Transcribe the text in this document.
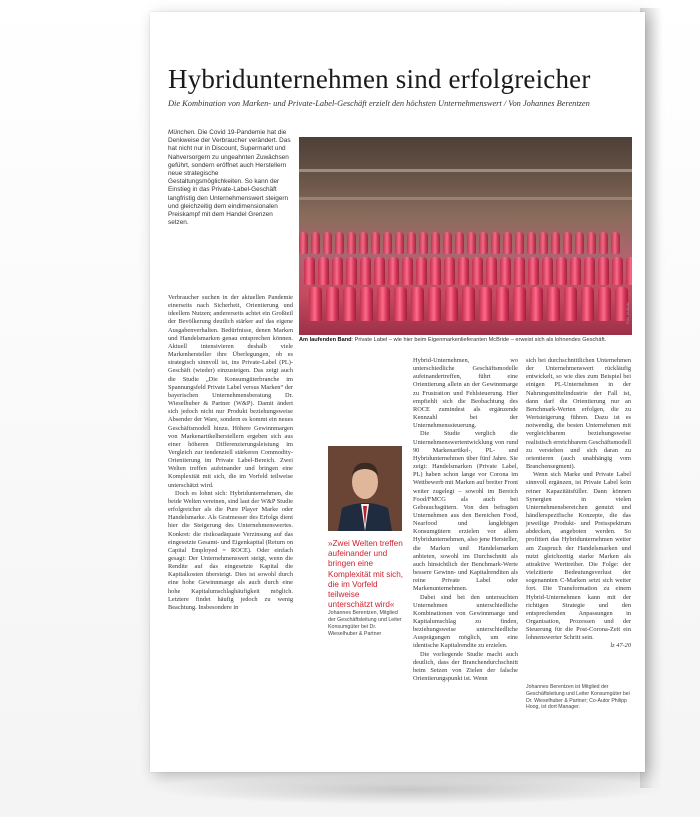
Hybridunternehmen sind erfolgreicher
Die Kombination von Marken- und Private-Label-Geschäft erzielt den höchsten Unternehmenswert / Von Johannes Berentzen
München. Die Covid 19-Pandemie hat die Denkweise der Verbraucher verändert. Das hat nicht nur in Discount, Supermarkt und Nahversorgern zu ungeahnten Zuwächsen geführt, sondern eröffnet auch Herstellern neue strategische Gestaltungsmöglichkeiten. So kann der Einstieg in das Private-Label-Geschäft langfristig den Unternehmenswert steigern und gleichzeitig dem eindimensionalen Preiskampf mit dem Handel Grenzen setzen.
Foto: McBride
Am laufenden Band: Private Label – wie hier beim Eigenmarkenlieferanten McBride – erweist sich als lohnendes Geschäft.

Verbraucher suchen in der aktuellen Pandemie einerseits nach Sicherheit, Orientierung und ideellem Nutzen; andererseits achtet ein Großteil der Bevölkerung deutlich stärker auf das eigene Ausgabenverhalten. Bedürfnisse, denen Marken und Handelsmarken genau entsprechen können. Aktuell intensivieren deshalb viele Markenhersteller ihre Überlegungen, ob es strategisch sinnvoll ist, ins Private-Label (PL)-Geschäft (wieder) einzusteigen. Das zeigt auch die Studie „Die Konsumgüterbranche im Spannungsfeld Private Label versus Marken“ der bayerischen Unternehmensberatung Dr. Wieselhuber & Partner (W&P). Damit ändert sich jedoch nicht nur Produkt beziehungsweise Absender der Ware, sondern es kommt ein neues Geschäftsmodell hinzu. Höhere Gewinnmargen von Markenartikelherstellern ergeben sich aus einer höheren Differenzierungsleistung im Vergleich zur tendenziell stärkeren Commodity-Orientierung im Private Label-Bereich. Zwei Welten treffen aufeinander und bringen eine Komplexität mit sich, die im Vorfeld teilweise unterschätzt wird.

Doch es lohnt sich: Hybridunternehmen, die beide Welten vereinen, sind laut der W&P Studie erfolgreicher als die Pure Player Marke oder Handelsmarke. Als Gratmesser des Erfolgs dient hier die Steigerung des Unternehmenswertes. Konkret: die risikoadäquate Verzinsung auf das eingesetzte Gesamt- und Eigenkapital (Return on Capital Employed = ROCE). Oder einfach gesagt: Der Unternehmenswert steigt, wenn die Rendite auf das eingesetzte Kapital die Kapitalkosten übersteigt. Dies ist sowohl durch eine hohe Gewinnmarge als auch durch eine hohe Kapitalumschlaghäufigkeit möglich. Letztere findet häufig jedoch zu wenig Beachtung. Insbesondere in

»Zwei Welten treffen aufeinander und bringen eine Komplexität mit sich, die im Vorfeld teilweise unterschätzt wird«
Johannes Berentzen, Mitglied der Geschäftsleitung und Leiter Konsumgüter bei Dr. Wieselhuber & Partner

Hybrid-Unternehmen, wo unterschiedliche Geschäftsmodelle aufeinandertreffen, führt eine Orientierung allein an der Gewinnmarge zu Frustration und Fehlsteuerung. Hier empfiehlt sich die Beobachtung des ROCE zumindest als ergänzende Kennzahl bei der Unternehmenssteuerung.

Die Studie verglich die Unternehmenswertentwicklung von rund 90 Markenartikel-, PL- und Hybridunternehmen über fünf Jahre. Sie zeigt: Handelsmarken (Private Label, PL) haben schon lange vor Corona im Wettbewerb mit Marken auf breiter Front weiter zugelegt – sowohl im Bereich Food/FMCG als auch bei Gebrauchsgütern. Von den befragten Unternehmen aus den Bereichen Food, Nearfood und langlebigen Konsumgütern erzielen vor allem Hybridunternehmen, also jene Hersteller, die Marken und Handelsmarken anbieten, sowohl im Durchschnitt als auch hinsichtlich der Benchmark-Werte bessere Gewinn- und Kapitalrenditen als reine Private Label oder Markenunternehmen.

Dabei sind bei den untersuchten Unternehmen unterschiedliche Kombinationen von Gewinnmarge und Kapitalumschlag zu finden, beziehungsweise unterschiedliche Ausprägungen möglich, um eine identische Kapitalrendite zu erzielen.

Die vorliegende Studie macht auch deutlich, dass der Branchendurchschnitt beim Setzen von Zielen der falsche Orientierungspunkt ist. Wenn

sich bei durchschnittlichen Unternehmen der Unternehmenswert rückläufig entwickelt, so wie dies zum Beispiel bei einigen PL-Unternehmen in der Nahrungsmittelindustrie der Fall ist, dann darf die Orientierung nur an Benchmark-Werten erfolgen, die zu Wertsteigerung führen. Dazu ist es notwendig, die besten Unternehmen mit vergleichbarem beziehungsweise realistisch erreichbarem Geschäftsmodell zu verstehen und sich daran zu orientieren (auch unabhängig vom Branchensegment).

Wenn sich Marke und Private Label sinnvoll ergänzen, ist Private Label kein reiner Kapazitätsfüller. Dann können Synergien in vielen Unternehmensbereichen genutzt und händlerspezifische Konzepte, die das jeweilige Produkt- und Preisspektrum abdecken, angeboten werden. So profitiert das Hybridunternehmen weiter am Zuspruch der Handelsmarken und nutzt gleichzeitig starke Marken als attraktive Werttreiber. Die Folge: der vielzitierte Bedeutungsverlust der sogenannten C-Marken setzt sich weiter fort. Die Transformation zu einem Hybrid-Unternehmen kann mit der richtigen Strategie und den entsprechenden Anpassungen in Organisation, Prozessen und der Steuerung für die Post-Corona-Zeit ein lohnenswerter Schritt sein.

lz 47-20
Johannes Berentzen ist Mitglied der Geschäftsleitung und Leiter Konsumgüter bei Dr. Wieselhuber & Partner; Co-Autor Philipp Hoog, ist dort Manager.
